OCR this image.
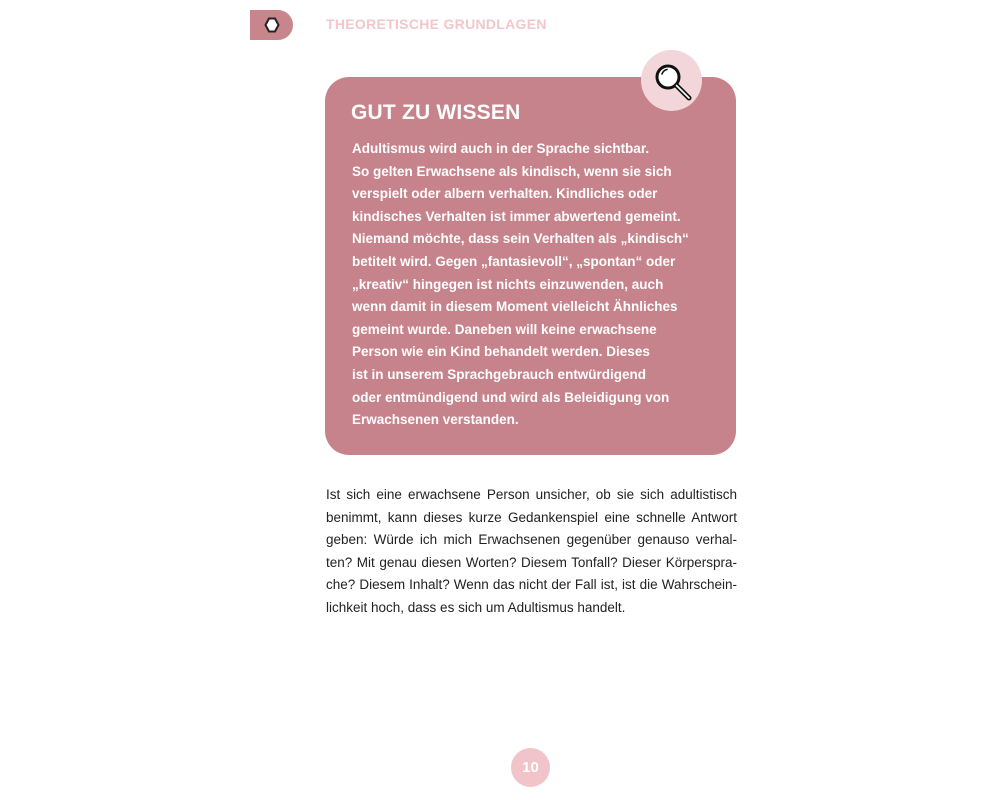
THEORETISCHE GRUNDLAGEN
GUT ZU WISSEN
Adultismus wird auch in der Sprache sichtbar.
So gelten Erwachsene als kindisch, wenn sie sich
verspielt oder albern verhalten. Kindliches oder
kindisches Verhalten ist immer abwertend gemeint.
Niemand möchte, dass sein Verhalten als „kindisch“
betitelt wird. Gegen „fantasievoll“, „spontan“ oder
„kreativ“ hingegen ist nichts einzuwenden, auch
wenn damit in diesem Moment vielleicht Ähnliches
gemeint wurde. Daneben will keine erwachsene
Person wie ein Kind behandelt werden. Dieses
ist in unserem Sprachgebrauch entwürdigend
oder entmündigend und wird als Beleidigung von
Erwachsenen verstanden.
Ist sich eine erwachsene Person unsicher, ob sie sich adultistisch
benimmt, kann dieses kurze Gedankenspiel eine schnelle Antwort
geben: Würde ich mich Erwachsenen gegenüber genauso verhal-
ten? Mit genau diesen Worten? Diesem Tonfall? Dieser Körperspra-
che? Diesem Inhalt? Wenn das nicht der Fall ist, ist die Wahrschein-
lichkeit hoch, dass es sich um Adultismus handelt.
10
